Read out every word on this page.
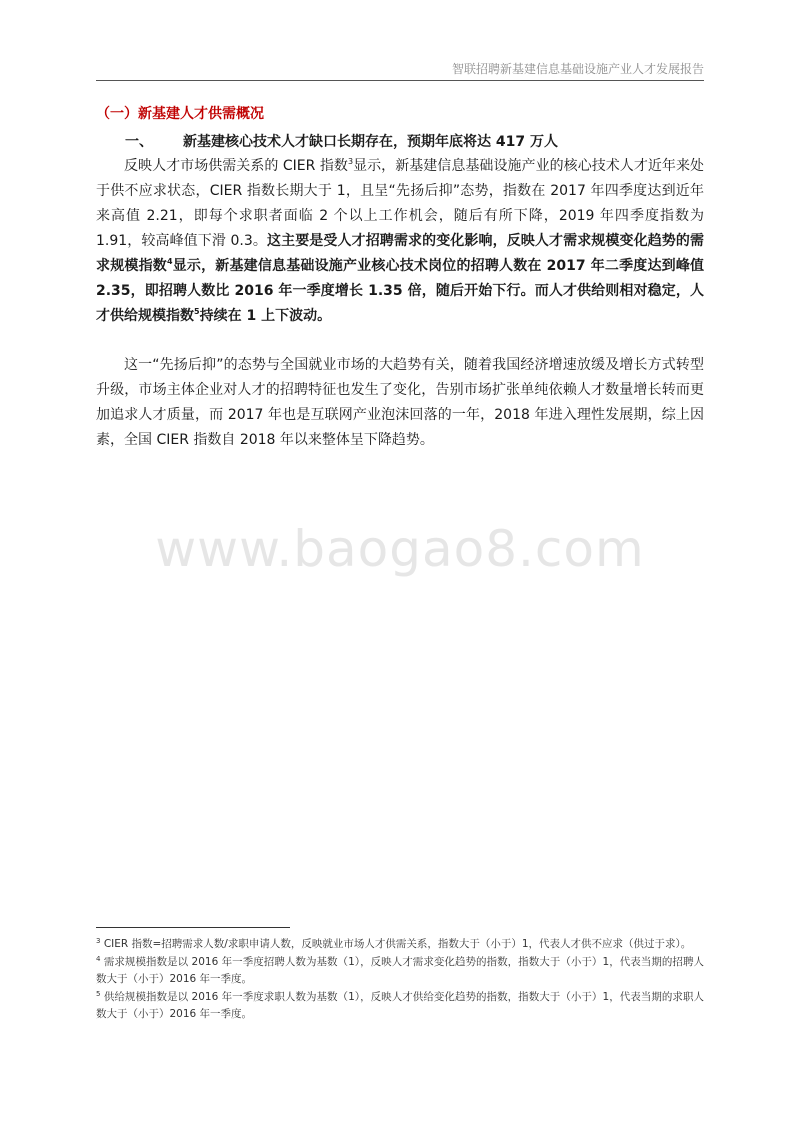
智联招聘新基建信息基础设施产业人才发展报告
（一）新基建人才供需概况
一、 新基建核心技术人才缺口长期存在，预期年底将达 417 万人
反映人才市场供需关系的 CIER 指数$^3$显示，新基建信息基础设施产业的核心技术人才近年来处于供不应求状态，CIER 指数长期大于 1，且呈“先扬后抑”态势，指数在 2017 年四季度达到近年来高值 2.21，即每个求职者面临 2 个以上工作机会，随后有所下降，2019 年四季度指数为 1.91，较高峰值下滑 0.3。这主要是受人才招聘需求的变化影响，反映人才需求规模变化趋势的需求规模指数$^4$显示，新基建信息基础设施产业核心技术岗位的招聘人数在 2017 年二季度达到峰值 2.35，即招聘人数比 2016 年一季度增长 1.35 倍，随后开始下行。而人才供给则相对稳定，人才供给规模指数$^5$持续在 1 上下波动。
这一“先扬后抑”的态势与全国就业市场的大趋势有关，随着我国经济增速放缓及增长方式转型升级，市场主体企业对人才的招聘特征也发生了变化，告别市场扩张单纯依赖人才数量增长转而更加追求人才质量，而 2017 年也是互联网产业泡沫回落的一年，2018 年进入理性发展期，综上因素，全国 CIER 指数自 2018 年以来整体呈下降趋势。
www.baogao8.com
$^3$ CIER 指数=招聘需求人数/求职申请人数，反映就业市场人才供需关系，指数大于（小于）1，代表人才供不应求（供过于求）。
$^4$ 需求规模指数是以 2016 年一季度招聘人数为基数（1），反映人才需求变化趋势的指数，指数大于（小于）1，代表当期的招聘人数大于（小于）2016 年一季度。
$^5$ 供给规模指数是以 2016 年一季度求职人数为基数（1），反映人才供给变化趋势的指数，指数大于（小于）1，代表当期的求职人数大于（小于）2016 年一季度。
